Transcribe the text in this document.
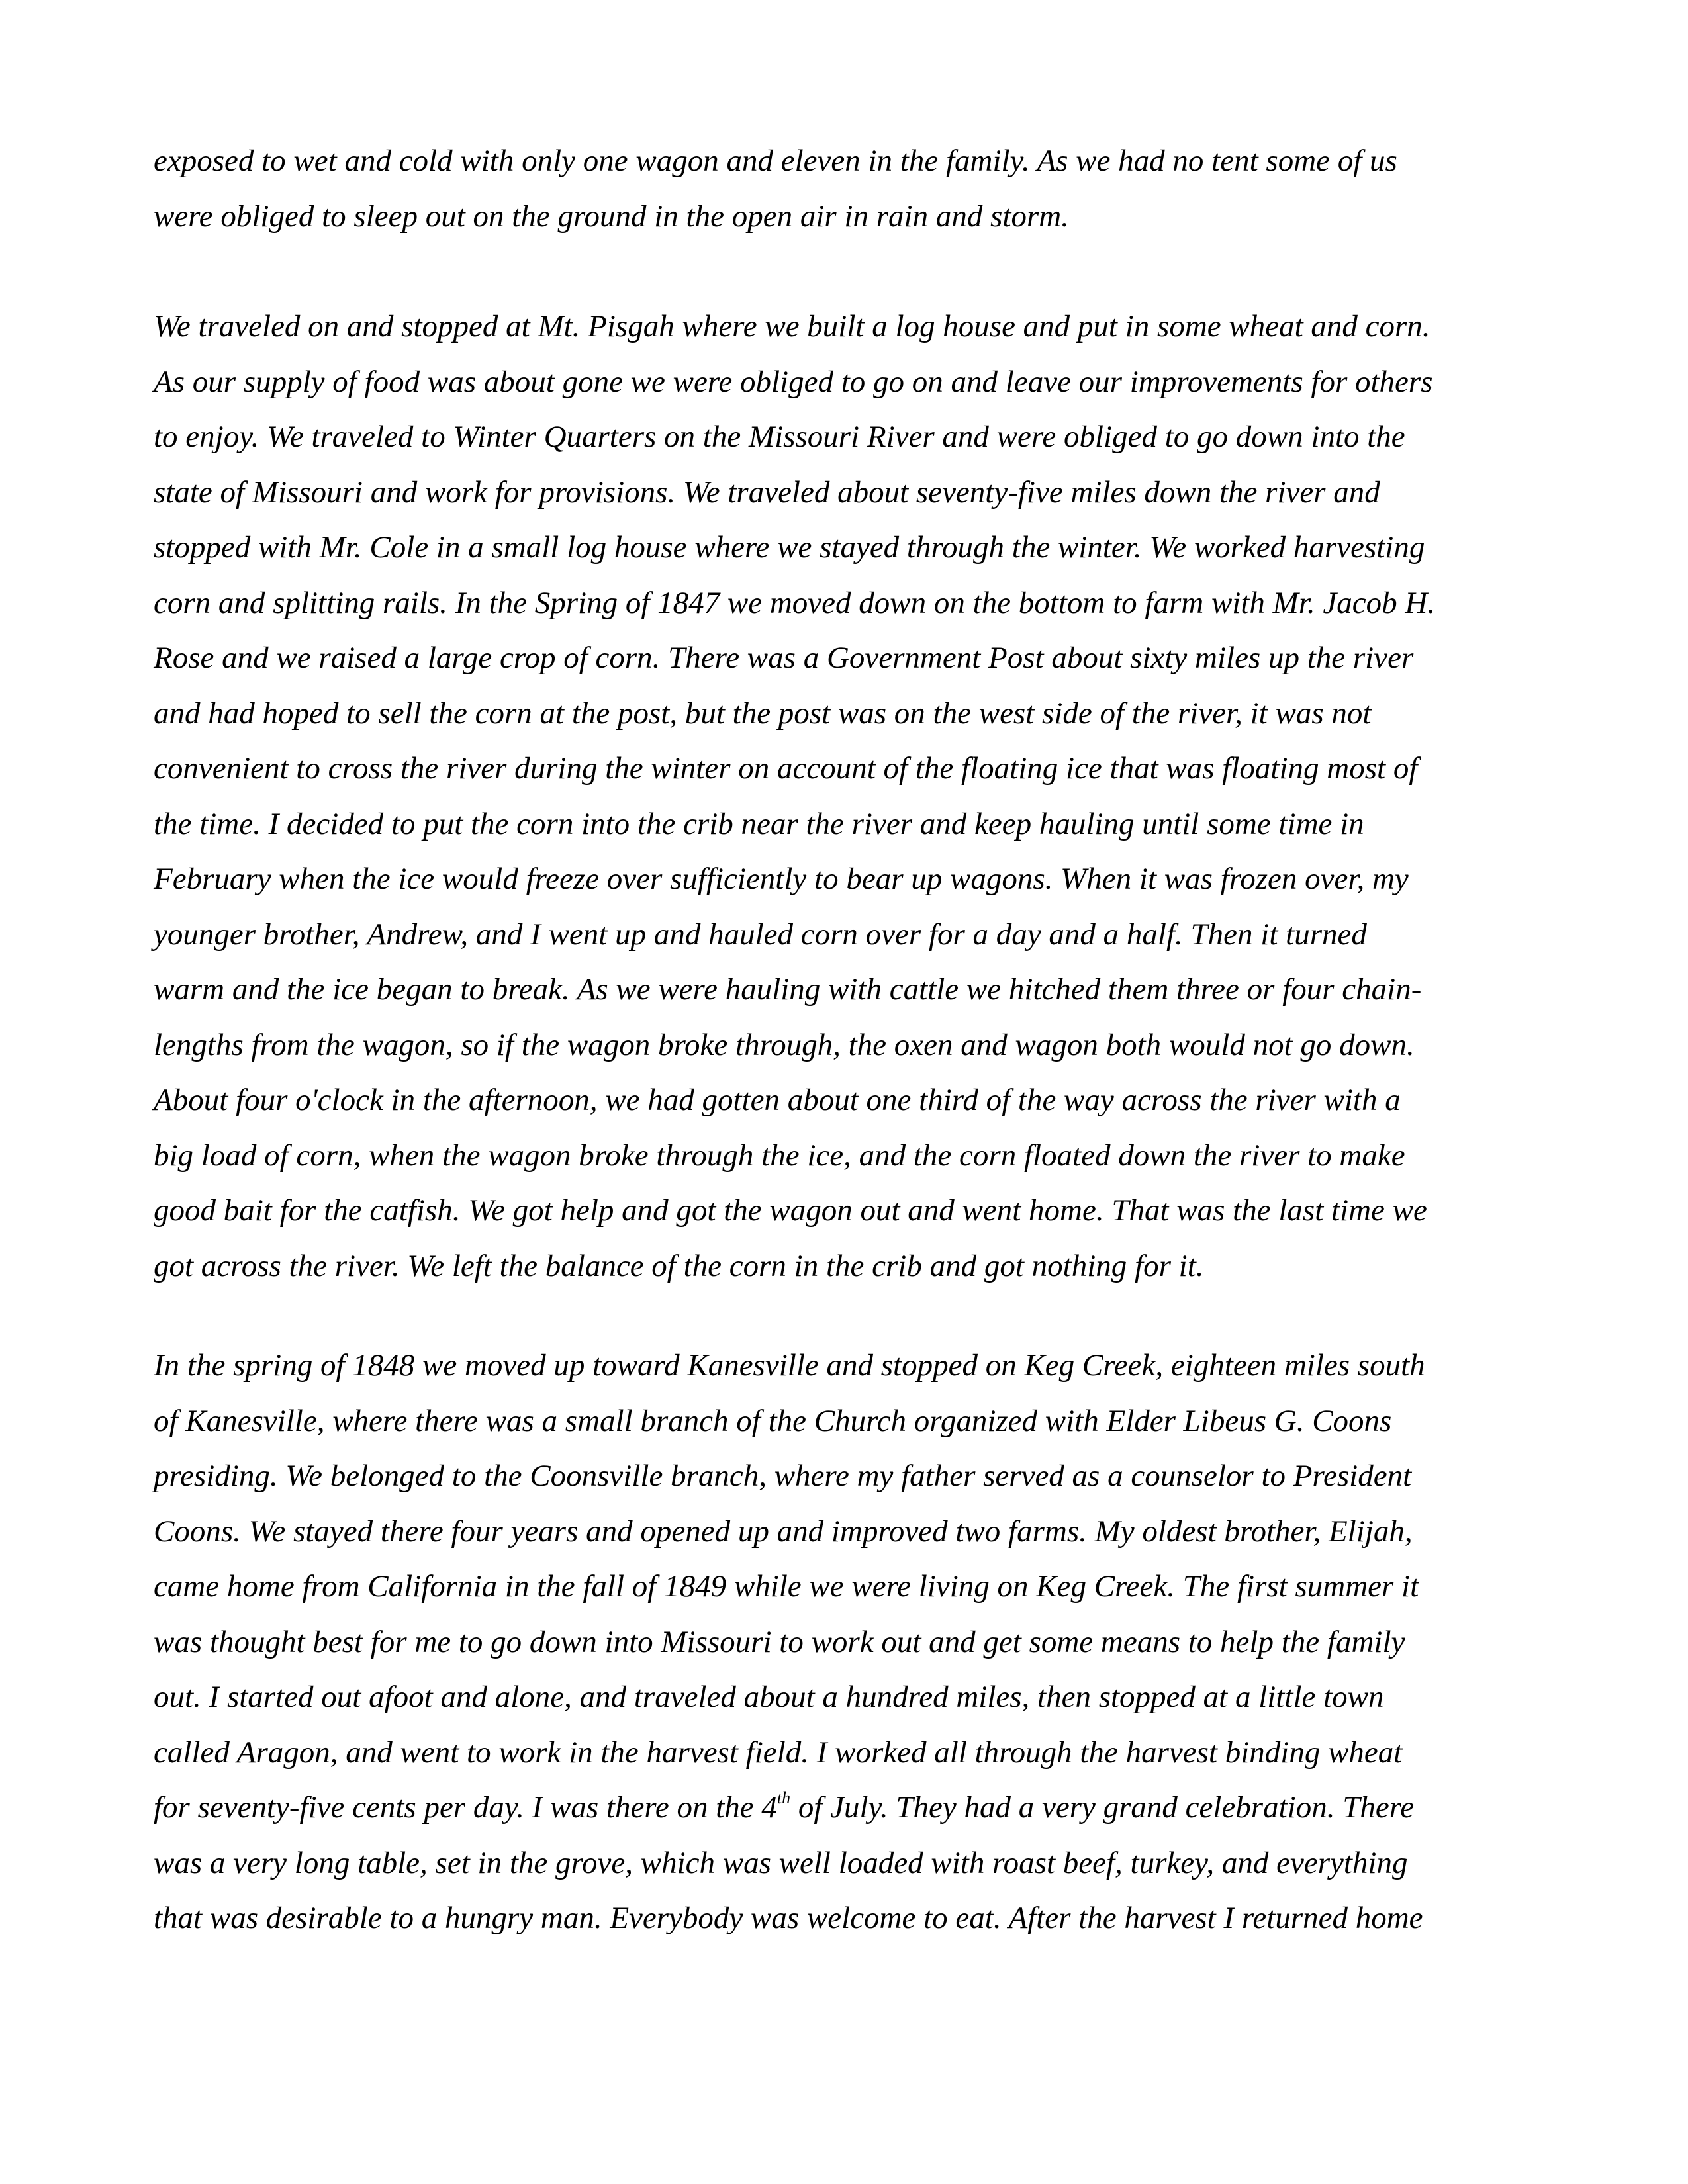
exposed to wet and cold with only one wagon and eleven in the family. As we had no tent some of us
were obliged to sleep out on the ground in the open air in rain and storm.
We traveled on and stopped at Mt. Pisgah where we built a log house and put in some wheat and corn.
As our supply of food was about gone we were obliged to go on and leave our improvements for others
to enjoy. We traveled to Winter Quarters on the Missouri River and were obliged to go down into the
state of Missouri and work for provisions. We traveled about seventy-five miles down the river and
stopped with Mr. Cole in a small log house where we stayed through the winter. We worked harvesting
corn and splitting rails. In the Spring of 1847 we moved down on the bottom to farm with Mr. Jacob H.
Rose and we raised a large crop of corn. There was a Government Post about sixty miles up the river
and had hoped to sell the corn at the post, but the post was on the west side of the river, it was not
convenient to cross the river during the winter on account of the floating ice that was floating most of
the time. I decided to put the corn into the crib near the river and keep hauling until some time in
February when the ice would freeze over sufficiently to bear up wagons. When it was frozen over, my
younger brother, Andrew, and I went up and hauled corn over for a day and a half. Then it turned
warm and the ice began to break. As we were hauling with cattle we hitched them three or four chain-
lengths from the wagon, so if the wagon broke through, the oxen and wagon both would not go down.
About four o'clock in the afternoon, we had gotten about one third of the way across the river with a
big load of corn, when the wagon broke through the ice, and the corn floated down the river to make
good bait for the catfish. We got help and got the wagon out and went home. That was the last time we
got across the river. We left the balance of the corn in the crib and got nothing for it.
In the spring of 1848 we moved up toward Kanesville and stopped on Keg Creek, eighteen miles south
of Kanesville, where there was a small branch of the Church organized with Elder Libeus G. Coons
presiding. We belonged to the Coonsville branch, where my father served as a counselor to President
Coons. We stayed there four years and opened up and improved two farms. My oldest brother, Elijah,
came home from California in the fall of 1849 while we were living on Keg Creek. The first summer it
was thought best for me to go down into Missouri to work out and get some means to help the family
out. I started out afoot and alone, and traveled about a hundred miles, then stopped at a little town
called Aragon, and went to work in the harvest field. I worked all through the harvest binding wheat
for seventy-five cents per day. I was there on the 4th of July. They had a very grand celebration. There
was a very long table, set in the grove, which was well loaded with roast beef, turkey, and everything
that was desirable to a hungry man. Everybody was welcome to eat. After the harvest I returned home
